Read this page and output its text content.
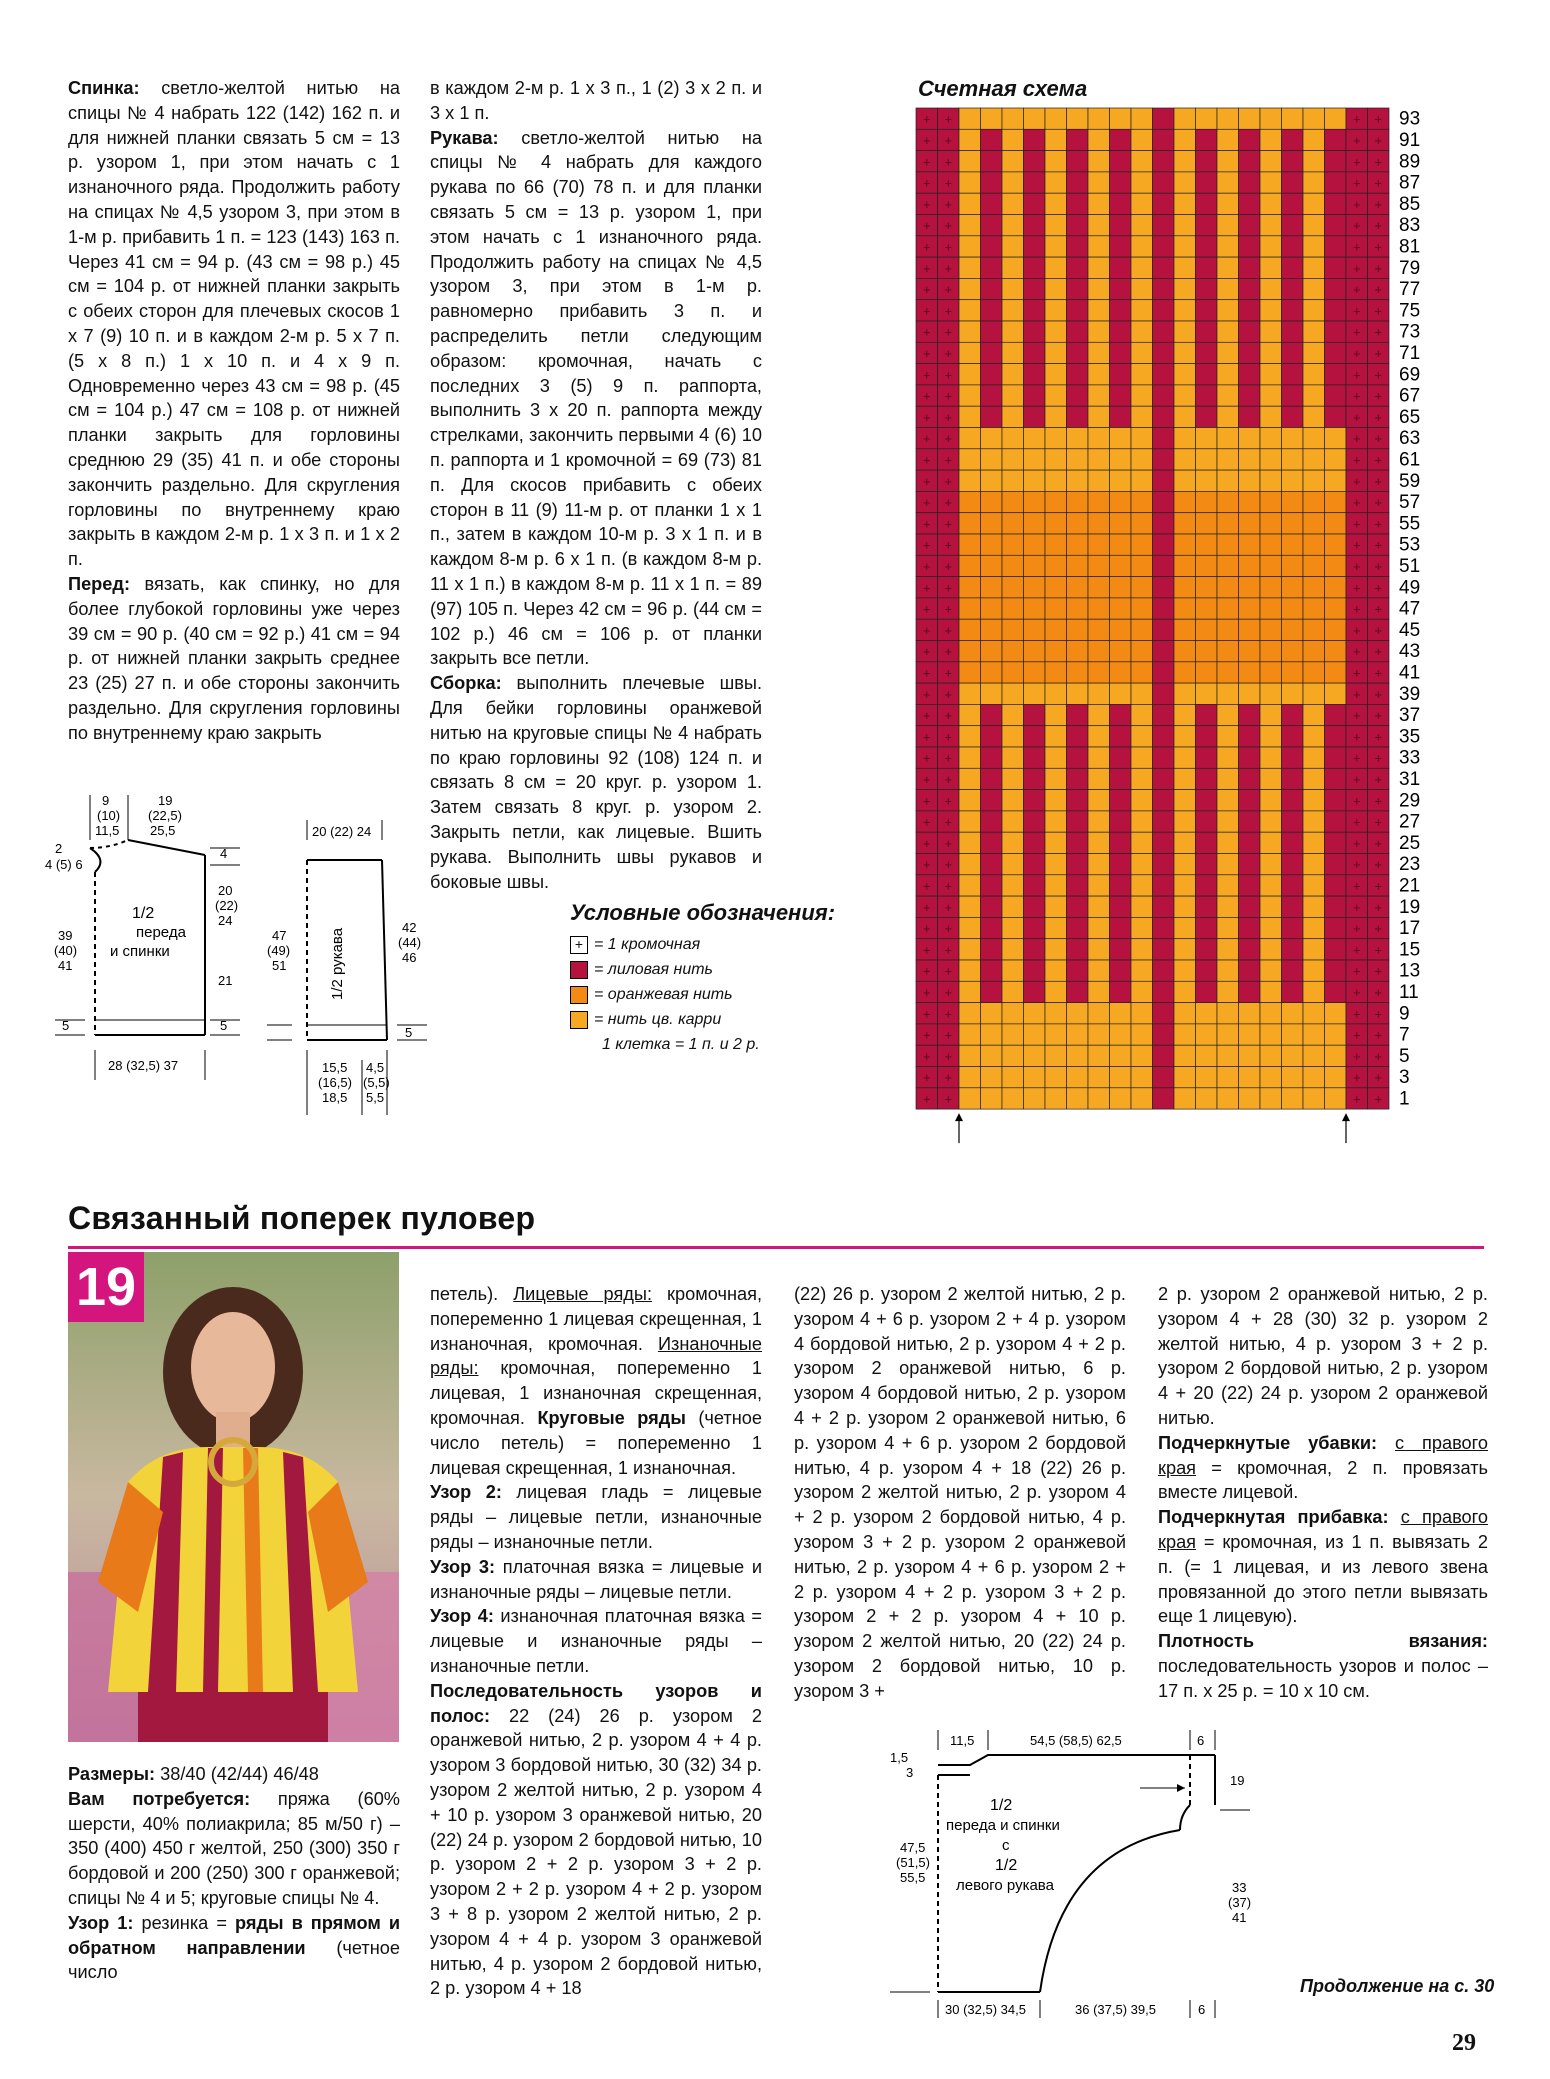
Спинка: светло-желтой нитью на спицы № 4 набрать 122 (142) 162 п. и для нижней планки связать 5 см = 13 р. узором 1, при этом начать с 1 изнаночного ряда. Продолжить работу на спицах № 4,5 узором 3, при этом в 1-м р. прибавить 1 п. = 123 (143) 163 п. Через 41 см = 94 р. (43 см = 98 р.) 45 см = 104 р. от нижней планки закрыть с обеих сторон для плечевых скосов 1 х 7 (9) 10 п. и в каждом 2-м р. 5 х 7 п. (5 х 8 п.) 1 х 10 п. и 4 х 9 п. Одновременно через 43 см = 98 р. (45 см = 104 р.) 47 см = 108 р. от нижней планки закрыть для горловины среднюю 29 (35) 41 п. и обе стороны закончить раздельно. Для скругления горловины по внутреннему краю закрыть в каждом 2-м р. 1 х 3 п. и 1 х 2 п.

Перед: вязать, как спинку, но для более глубокой горловины уже через 39 см = 90 р. (40 см = 92 р.) 41 см = 94 р. от нижней планки закрыть среднее 23 (25) 27 п. и обе стороны закончить раздельно. Для скругления горловины по внутреннему краю закрыть

в каждом 2-м р. 1 х 3 п., 1 (2) 3 х 2 п. и 3 х 1 п.

Рукава: светло-желтой нитью на спицы № 4 набрать для каждого рукава по 66 (70) 78 п. и для планки связать 5 см = 13 р. узором 1, при этом начать с 1 изнаночного ряда. Продолжить работу на спицах № 4,5 узором 3, при этом в 1-м р. равномерно прибавить 3 п. и распределить петли следующим образом: кромочная, начать с последних 3 (5) 9 п. раппорта, выполнить 3 х 20 п. раппорта между стрелками, закончить первыми 4 (6) 10 п. раппорта и 1 кромочной = 69 (73) 81 п. Для скосов прибавить с обеих сторон в 11 (9) 11-м р. от планки 1 х 1 п., затем в каждом 10-м р. 3 х 1 п. и в каждом 8-м р. 6 х 1 п. (в каждом 8-м р. 11 х 1 п.) в каждом 8-м р. 11 х 1 п. = 89 (97) 105 п. Через 42 см = 96 р. (44 см = 102 р.) 46 см = 106 р. от планки закрыть все петли.

Сборка: выполнить плечевые швы. Для бейки горловины оранжевой нитью на круговые спицы № 4 набрать по краю горловины 92 (108) 124 п. и связать 8 см = 20 круг. р. узором 1. Затем связать 8 круг. р. узором 2. Закрыть петли, как лицевые. Вшить рукава. Выполнить швы рукавов и боковые швы.

Счетная схема
+ +	+ +
+ +	+ +
+ +	+ +
+ +	+ +
+ +	+ +
+ +	+ +
+ +	+ +
+ +	+ +
+ +	+ +
+ +	+ +
+ +	+ +
+ +	+ +
+ +	+ +
+ +	+ +
+ +	+ +
+ +	+ +
+ +	+ +
+ +	+ +
+ +	+ +
+ +	+ +
+ +	+ +
+ +	+ +
+ +	+ +
+ +	+ +
+ +	+ +
+ +	+ +
+ +	+ +
+ +	+ +
+ +	+ +
+ +	+ +
+ +	+ +
+ +	+ +
+ +	+ +
+ +	+ +
+ +	+ +
+ +	+ +
+ +	+ +
+ +	+ +
+ +	+ +
+ +	+ +
+ +	+ +
+ +	+ +
+ +	+ +
+ +	+ +
+ +	+ +
+ +	+ +
+ +	+ +
93
91
89
87
85
83
81
79
77
75
73
71
69
67
65
63
61
59
57
55
53
51
49
47
45
43
41
39
37
35
33
31
29
27
25
23
21
19
17
15
13
11
9
7
5
3
1
Условные обозначения:
+ = 1 кромочная
= лиловая нить
= оранжевая нить
= нить цв. карри
1 клетка = 1 п. и 2 р.
9
(10)
11,5
19
(22,5)
25,5
2
4 (5) 6
1/2
переда
и спинки
4
20
(22)
24
21
5
39
(40)
41
5
28 (32,5) 37
20 (22) 24
1/2 рукава
47
(49)
51
42
(44)
46
5
15,5
(16,5)
18,5
4,5
(5,5)
5,5
Связанный поперек пуловер
19

Размеры: 38/40 (42/44) 46/48

Вам потребуется: пряжа (60% шерсти, 40% полиакрила; 85 м/50 г) – 350 (400) 450 г желтой, 250 (300) 350 г бордовой и 200 (250) 300 г оранжевой; спицы № 4 и 5; круговые спицы № 4.

Узор 1: резинка = ряды в прямом и обратном направлении (четное число

петель). Лицевые ряды: кромочная, попеременно 1 лицевая скрещенная, 1 изнаночная, кромочная. Изнаночные ряды: кромочная, попеременно 1 лицевая, 1 изнаночная скрещенная, кромочная. Круговые ряды (четное число петель) = попеременно 1 лицевая скрещенная, 1 изнаночная.

Узор 2: лицевая гладь = лицевые ряды – лицевые петли, изнаночные ряды – изнаночные петли.

Узор 3: платочная вязка = лицевые и изнаночные ряды – лицевые петли.

Узор 4: изнаночная платочная вязка = лицевые и изнаночные ряды – изнаночные петли.

Последовательность узоров и полос: 22 (24) 26 р. узором 2 оранжевой нитью, 2 р. узором 4 + 4 р. узором 3 бордовой нитью, 30 (32) 34 р. узором 2 желтой нитью, 2 р. узором 4 + 10 р. узором 3 оранжевой нитью, 20 (22) 24 р. узором 2 бордовой нитью, 10 р. узором 2 + 2 р. узором 3 + 2 р. узором 2 + 2 р. узором 4 + 2 р. узором 3 + 8 р. узором 2 желтой нитью, 2 р. узором 4 + 4 р. узором 3 оранжевой нитью, 4 р. узором 2 бордовой нитью, 2 р. узором 4 + 18

(22) 26 р. узором 2 желтой нитью, 2 р. узором 4 + 6 р. узором 2 + 4 р. узором 4 бордовой нитью, 2 р. узором 4 + 2 р. узором 2 оранжевой нитью, 6 р. узором 4 бордовой нитью, 2 р. узором 4 + 2 р. узором 2 оранжевой нитью, 6 р. узором 4 + 6 р. узором 2 бордовой нитью, 4 р. узором 4 + 18 (22) 26 р. узором 2 желтой нитью, 2 р. узором 4 + 2 р. узором 2 бордовой нитью, 4 р. узором 3 + 2 р. узором 2 оранжевой нитью, 2 р. узором 4 + 6 р. узором 2 + 2 р. узором 4 + 2 р. узором 3 + 2 р. узором 2 + 2 р. узором 4 + 10 р. узором 2 желтой нитью, 20 (22) 24 р. узором 2 бордовой нитью, 10 р. узором 3 +

2 р. узором 2 оранжевой нитью, 2 р. узором 4 + 28 (30) 32 р. узором 2 желтой нитью, 4 р. узором 3 + 2 р. узором 2 бордовой нитью, 2 р. узором 4 + 20 (22) 24 р. узором 2 оранжевой нитью.

Подчеркнутые убавки: с правого края = кромочная, 2 п. провязать вместе лицевой.

Подчеркнутая прибавка: с правого края = кромочная, из 1 п. вывязать 2 п. (= 1 лицевая, и из левого звена провязанной до этого петли вывязать еще 1 лицевую).

Плотность вязания: последовательность узоров и полос – 17 п. х 25 р. = 10 х 10 см.

11,5	54,5 (58,5) 62,5	6
1,5
3
1/2
переда и спинки
с
1/2
левого рукава
47,5
(51,5)
55,5
19
33
(37)
41
30 (32,5) 34,5	36 (37,5) 39,5	6
Продолжение на с. 30
29
